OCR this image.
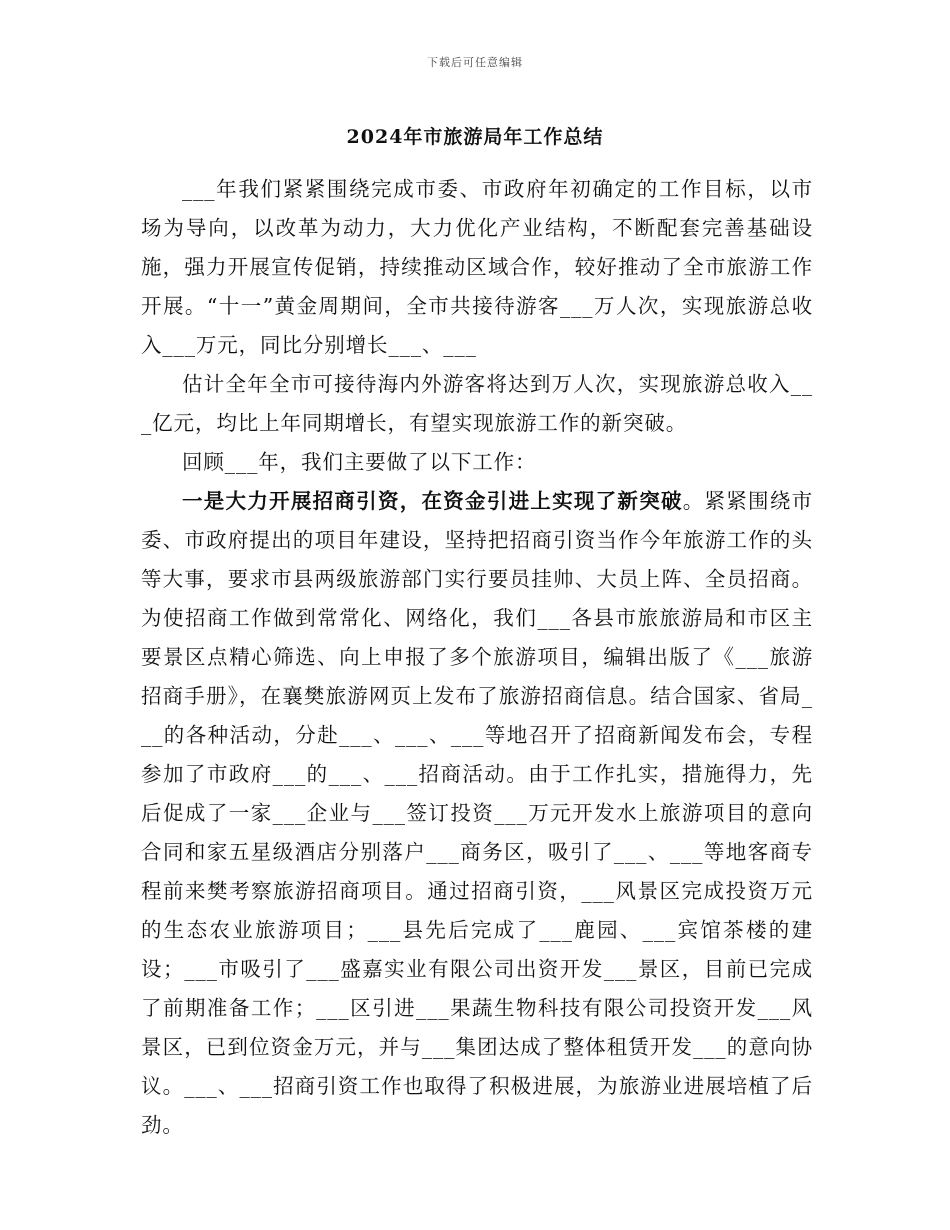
下载后可任意编辑
2024年市旅游局年工作总结

___年我们紧紧围绕完成市委、市政府年初确定的工作目标，以市场为导向，以改革为动力，大力优化产业结构，不断配套完善基础设施，强力开展宣传促销，持续推动区域合作，较好推动了全市旅游工作开展。“十一”黄金周期间，全市共接待游客___万人次，实现旅游总收入___万元，同比分别增长___、___

估计全年全市可接待海内外游客将达到万人次，实现旅游总收入___亿元，均比上年同期增长，有望实现旅游工作的新突破。

回顾___年，我们主要做了以下工作：

一是大力开展招商引资，在资金引进上实现了新突破。紧紧围绕市委、市政府提出的项目年建设，坚持把招商引资当作今年旅游工作的头等大事，要求市县两级旅游部门实行要员挂帅、大员上阵、全员招商。为使招商工作做到常常化、网络化，我们___各县市旅旅游局和市区主要景区点精心筛选、向上申报了多个旅游项目，编辑出版了《___旅游招商手册》，在襄樊旅游网页上发布了旅游招商信息。结合国家、省局___的各种活动，分赴___、___、___等地召开了招商新闻发布会，专程参加了市政府___的___、___招商活动。由于工作扎实，措施得力，先后促成了一家___企业与___签订投资___万元开发水上旅游项目的意向合同和家五星级酒店分别落户___商务区，吸引了___、___等地客商专程前来樊考察旅游招商项目。通过招商引资，___风景区完成投资万元的生态农业旅游项目；___县先后完成了___鹿园、___宾馆茶楼的建设；___市吸引了___盛嘉实业有限公司出资开发___景区，目前已完成了前期准备工作；___区引进___果蔬生物科技有限公司投资开发___风景区，已到位资金万元，并与___集团达成了整体租赁开发___的意向协议。___、___招商引资工作也取得了积极进展，为旅游业进展培植了后劲。
